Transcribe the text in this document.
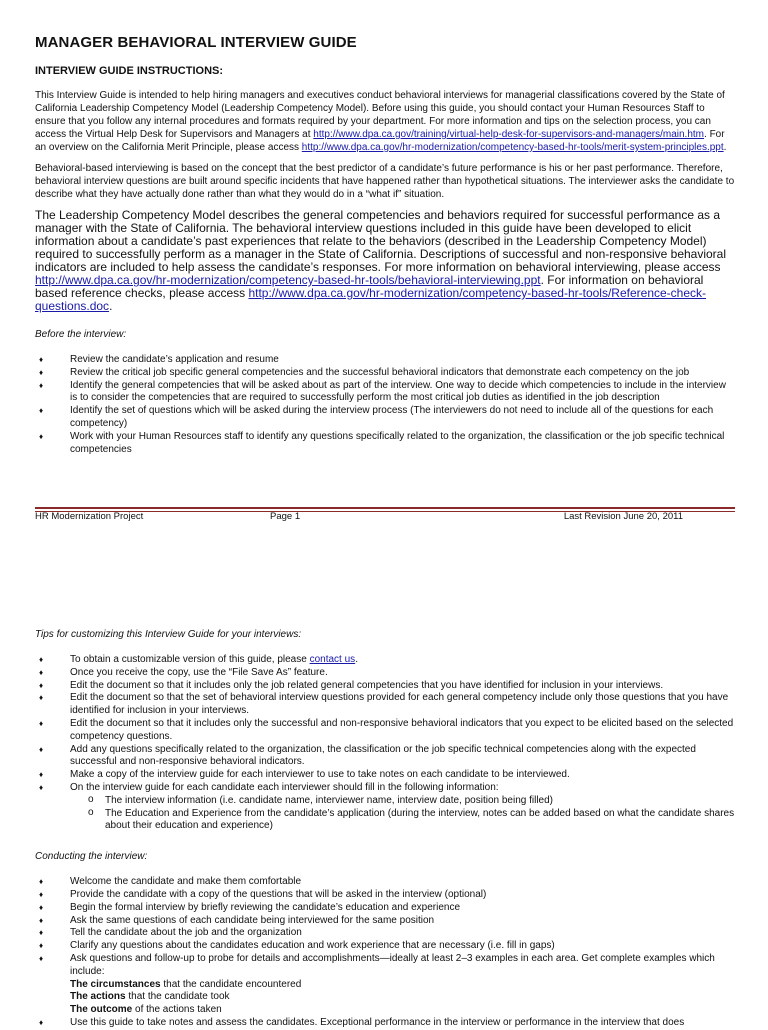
MANAGER BEHAVIORAL INTERVIEW GUIDE
INTERVIEW GUIDE INSTRUCTIONS:

This Interview Guide is intended to help hiring managers and executives conduct behavioral interviews for managerial classifications covered by the State of California Leadership Competency Model (Leadership Competency Model). Before using this guide, you should contact your Human Resources Staff to ensure that you follow any internal procedures and formats required by your department. For more information and tips on the selection process, you can access the Virtual Help Desk for Supervisors and Managers at http://www.dpa.ca.gov/training/virtual-help-desk-for-supervisors-and-managers/main.htm. For an overview on the California Merit Principle, please access http://www.dpa.ca.gov/hr-modernization/competency-based-hr-tools/merit-system-principles.ppt.

Behavioral-based interviewing is based on the concept that the best predictor of a candidate’s future performance is his or her past performance. Therefore, behavioral interview questions are built around specific incidents that have happened rather than hypothetical situations. The interviewer asks the candidate to describe what they have actually done rather than what they would do in a “what if” situation.

The Leadership Competency Model describes the general competencies and behaviors required for successful performance as a manager with the State of California. The behavioral interview questions included in this guide have been developed to elicit information about a candidate’s past experiences that relate to the behaviors (described in the Leadership Competency Model) required to successfully perform as a manager in the State of California. Descriptions of successful and non-responsive behavioral indicators are included to help assess the candidate’s responses. For more information on behavioral interviewing, please access http://www.dpa.ca.gov/hr-modernization/competency-based-hr-tools/behavioral-interviewing.ppt. For information on behavioral based reference checks, please access http://www.dpa.ca.gov/hr-modernization/competency-based-hr-tools/Reference-check-questions.doc.

Before the interview:
♦ Review the candidate’s application and resume
♦ Review the critical job specific general competencies and the successful behavioral indicators that demonstrate each competency on the job
♦ Identify the general competencies that will be asked about as part of the interview. One way to decide which competencies to include in the interview is to consider the competencies that are required to successfully perform the most critical job duties as identified in the job description
♦ Identify the set of questions which will be asked during the interview process (The interviewers do not need to include all of the questions for each competency)
♦ Work with your Human Resources staff to identify any questions specifically related to the organization, the classification or the job specific technical competencies
HR Modernization Project	Page 1	Last Revision June 20, 2011
Tips for customizing this Interview Guide for your interviews:
♦ To obtain a customizable version of this guide, please contact us.
♦ Once you receive the copy, use the “File Save As” feature.
♦ Edit the document so that it includes only the job related general competencies that you have identified for inclusion in your interviews.
♦ Edit the document so that the set of behavioral interview questions provided for each general competency include only those questions that you have identified for inclusion in your interviews.
♦ Edit the document so that it includes only the successful and non-responsive behavioral indicators that you expect to be elicited based on the selected competency questions.
♦ Add any questions specifically related to the organization, the classification or the job specific technical competencies along with the expected successful and non-responsive behavioral indicators.
♦ Make a copy of the interview guide for each interviewer to use to take notes on each candidate to be interviewed.
♦ On the interview guide for each candidate each interviewer should fill in the following information:
o The interview information (i.e. candidate name, interviewer name, interview date, position being filled)
o The Education and Experience from the candidate’s application (during the interview, notes can be added based on what the candidate shares about their education and experience)
Conducting the interview:
♦ Welcome the candidate and make them comfortable
♦ Provide the candidate with a copy of the questions that will be asked in the interview (optional)
♦ Begin the formal interview by briefly reviewing the candidate’s education and experience
♦ Ask the same questions of each candidate being interviewed for the same position
♦ Tell the candidate about the job and the organization
♦ Clarify any questions about the candidates education and work experience that are necessary (i.e. fill in gaps)
♦ Ask questions and follow-up to probe for details and accomplishments—ideally at least 2–3 examples in each area. Get complete examples which include:
The circumstances that the candidate encountered
The actions that the candidate took
The outcome of the actions taken
♦ Use this guide to take notes and assess the candidates. Exceptional performance in the interview or performance in the interview that does
